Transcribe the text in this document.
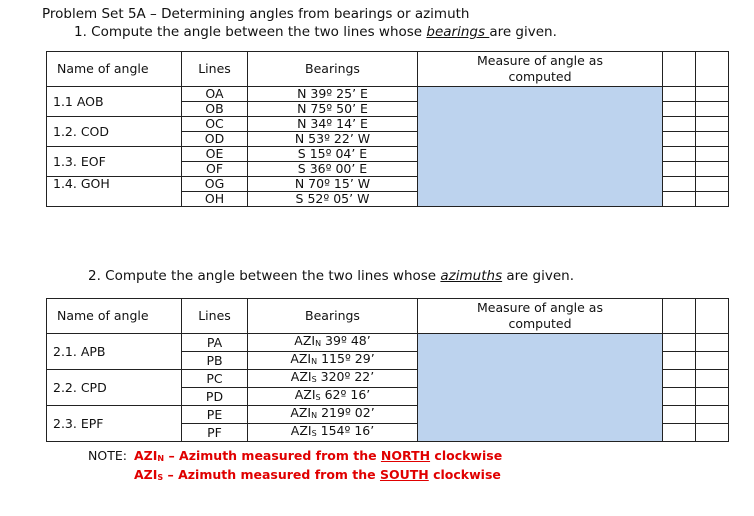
Problem Set 5A – Determining angles from bearings or azimuth
1. Compute the angle between the two lines whose bearings are given.
Name of angle	Lines	Bearings	Measure of angle as
computed		

1.1 AOB	OA	N 39º 25’ E			
	OB	N 75º 50’ E			
1.2. COD	OC	N 34º 14’ E			
	OD	N 53º 22’ W			
1.3. EOF	OE	S 15º 04’ E			
	OF	S 36º 00’ E			
1.4. GOH	OG	N 70º 15’ W			
	OH	S 52º 05’ W			
2. Compute the angle between the two lines whose azimuths are given.
Name of angle	Lines	Bearings	Measure of angle as
computed		

2.1. APB	PA	AZIN 39º 48’			
	PB	AZIN 115º 29’			
2.2. CPD	PC	AZIS 320º 22’			
	PD	AZIS 62º 16’			
2.3. EPF	PE	AZIN 219º 02’			
	PF	AZIS 154º 16’			
NOTE: AZIN – Azimuth measured from the NORTH clockwise
AZIS – Azimuth measured from the SOUTH clockwise
